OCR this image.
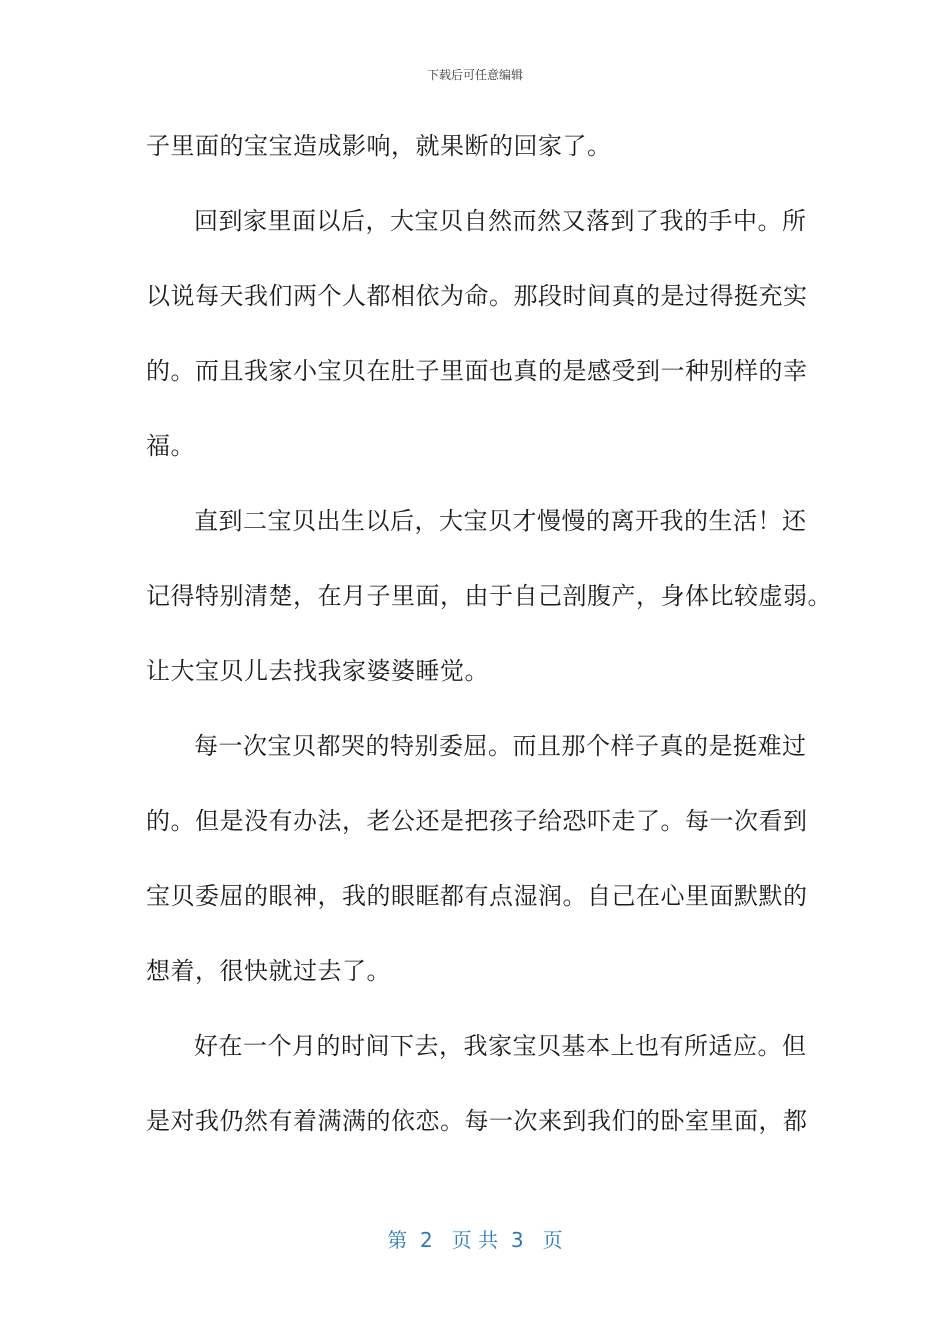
下载后可任意编辑
子里面的宝宝造成影响，就果断的回家了。
回到家里面以后，大宝贝自然而然又落到了我的手中。所
以说每天我们两个人都相依为命。那段时间真的是过得挺充实
的。而且我家小宝贝在肚子里面也真的是感受到一种别样的幸
福。
直到二宝贝出生以后，大宝贝才慢慢的离开我的生活！还
记得特别清楚，在月子里面，由于自己剖腹产，身体比较虚弱。
让大宝贝儿去找我家婆婆睡觉。
每一次宝贝都哭的特别委屈。而且那个样子真的是挺难过
的。但是没有办法，老公还是把孩子给恐吓走了。每一次看到
宝贝委屈的眼神，我的眼眶都有点湿润。自己在心里面默默的
想着，很快就过去了。
好在一个月的时间下去，我家宝贝基本上也有所适应。但
是对我仍然有着满满的依恋。每一次来到我们的卧室里面，都
第  2   页 共  3   页
